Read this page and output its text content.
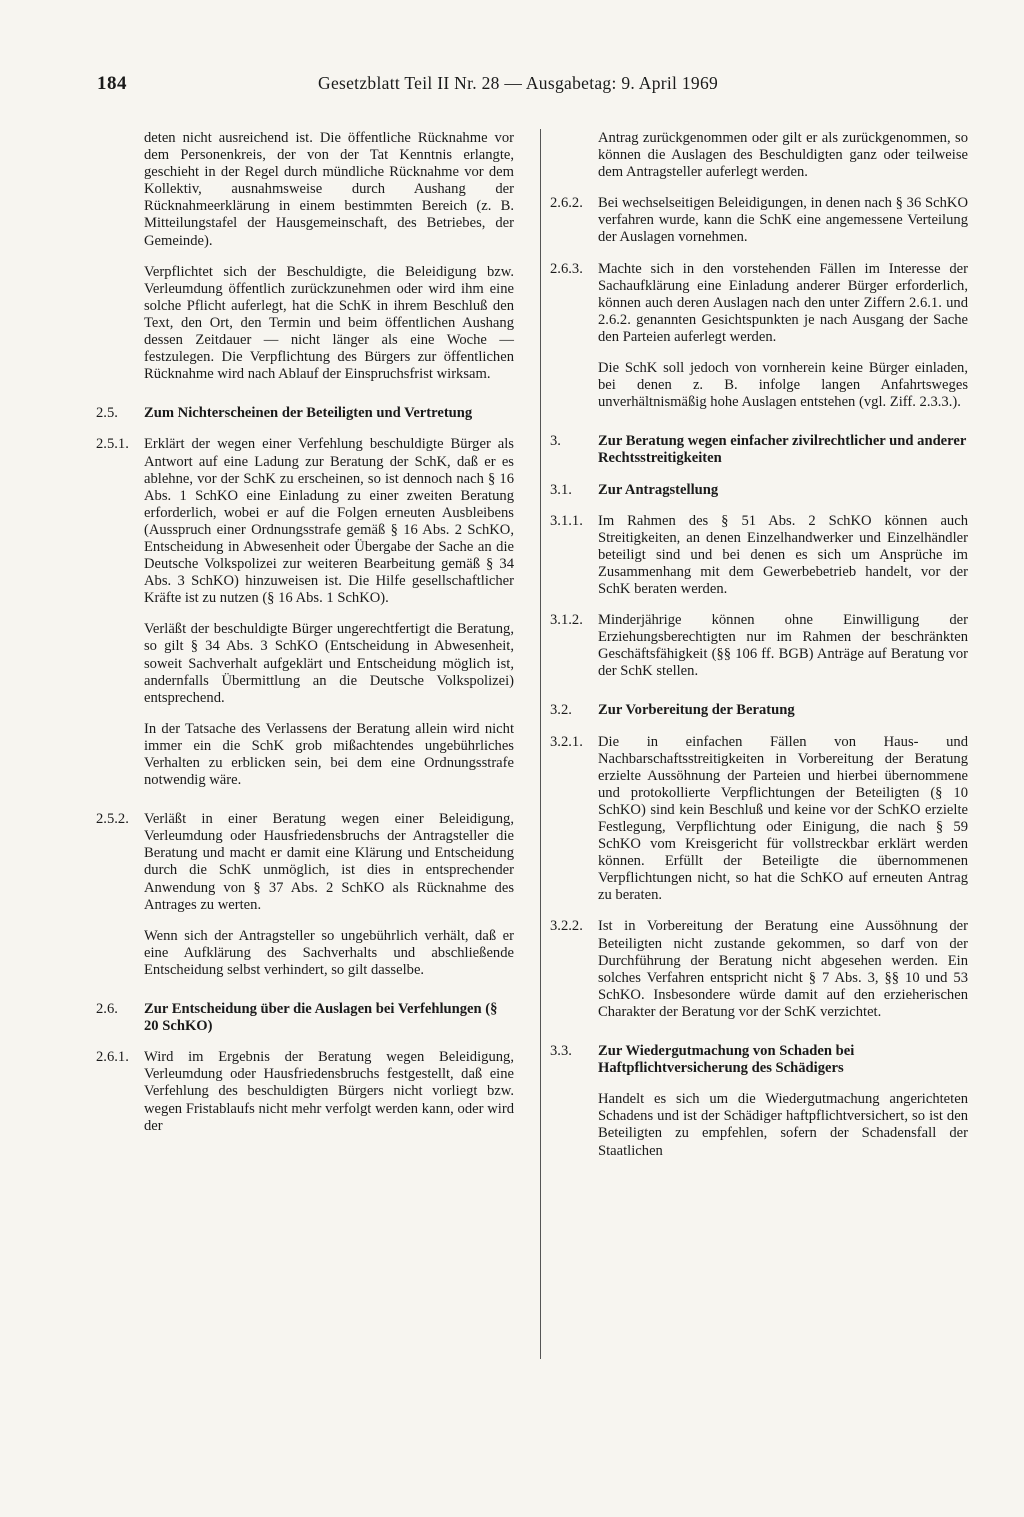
184	Gesetzblatt Teil II Nr. 28 — Ausgabetag: 9. April 1969

deten nicht ausreichend ist. Die öffentliche Rücknahme vor dem Personenkreis, der von der Tat Kenntnis erlangte, geschieht in der Regel durch mündliche Rücknahme vor dem Kollektiv, ausnahmsweise durch Aushang der Rücknahmeerklärung in einem bestimmten Bereich (z. B. Mitteilungstafel der Hausgemeinschaft, des Betriebes, der Gemeinde).

Verpflichtet sich der Beschuldigte, die Beleidigung bzw. Verleumdung öffentlich zurückzunehmen oder wird ihm eine solche Pflicht auferlegt, hat die SchK in ihrem Beschluß den Text, den Ort, den Termin und beim öffentlichen Aushang dessen Zeitdauer — nicht länger als eine Woche — festzulegen. Die Verpflichtung des Bürgers zur öffentlichen Rücknahme wird nach Ablauf der Einspruchsfrist wirksam.

2.5. Zum Nichterscheinen der Beteiligten und Vertretung

2.5.1. Erklärt der wegen einer Verfehlung beschuldigte Bürger als Antwort auf eine Ladung zur Beratung der SchK, daß er es ablehne, vor der SchK zu erscheinen, so ist dennoch nach § 16 Abs. 1 SchKO eine Einladung zu einer zweiten Beratung erforderlich, wobei er auf die Folgen erneuten Ausbleibens (Ausspruch einer Ordnungsstrafe gemäß § 16 Abs. 2 SchKO, Entscheidung in Abwesenheit oder Übergabe der Sache an die Deutsche Volkspolizei zur weiteren Bearbeitung gemäß § 34 Abs. 3 SchKO) hinzuweisen ist. Die Hilfe gesellschaftlicher Kräfte ist zu nutzen (§ 16 Abs. 1 SchKO).

Verläßt der beschuldigte Bürger ungerechtfertigt die Beratung, so gilt § 34 Abs. 3 SchKO (Entscheidung in Abwesenheit, soweit Sachverhalt aufgeklärt und Entscheidung möglich ist, andernfalls Übermittlung an die Deutsche Volkspolizei) entsprechend.

In der Tatsache des Verlassens der Beratung allein wird nicht immer ein die SchK grob mißachtendes ungebührliches Verhalten zu erblicken sein, bei dem eine Ordnungsstrafe notwendig wäre.

2.5.2. Verläßt in einer Beratung wegen einer Beleidigung, Verleumdung oder Hausfriedensbruchs der Antragsteller die Beratung und macht er damit eine Klärung und Entscheidung durch die SchK unmöglich, ist dies in entsprechender Anwendung von § 37 Abs. 2 SchKO als Rücknahme des Antrages zu werten.

Wenn sich der Antragsteller so ungebührlich verhält, daß er eine Aufklärung des Sachverhalts und abschließende Entscheidung selbst verhindert, so gilt dasselbe.

2.6. Zur Entscheidung über die Auslagen bei Verfehlungen (§ 20 SchKO)

2.6.1. Wird im Ergebnis der Beratung wegen Beleidigung, Verleumdung oder Hausfriedensbruchs festgestellt, daß eine Verfehlung des beschuldigten Bürgers nicht vorliegt bzw. wegen Fristablaufs nicht mehr verfolgt werden kann, oder wird der

Antrag zurückgenommen oder gilt er als zurückgenommen, so können die Auslagen des Beschuldigten ganz oder teilweise dem Antragsteller auferlegt werden.

2.6.2. Bei wechselseitigen Beleidigungen, in denen nach § 36 SchKO verfahren wurde, kann die SchK eine angemessene Verteilung der Auslagen vornehmen.

2.6.3. Machte sich in den vorstehenden Fällen im Interesse der Sachaufklärung eine Einladung anderer Bürger erforderlich, können auch deren Auslagen nach den unter Ziffern 2.6.1. und 2.6.2. genannten Gesichtspunkten je nach Ausgang der Sache den Parteien auferlegt werden.

Die SchK soll jedoch von vornherein keine Bürger einladen, bei denen z. B. infolge langen Anfahrtsweges unverhältnismäßig hohe Auslagen entstehen (vgl. Ziff. 2.3.3.).

3.	Zur Beratung wegen einfacher zivilrechtlicher und anderer Rechtsstreitigkeiten

3.1. Zur Antragstellung

3.1.1. Im Rahmen des § 51 Abs. 2 SchKO können auch Streitigkeiten, an denen Einzelhandwerker und Einzelhändler beteiligt sind und bei denen es sich um Ansprüche im Zusammenhang mit dem Gewerbebetrieb handelt, vor der SchK beraten werden.

3.1.2. Minderjährige können ohne Einwilligung der Erziehungsberechtigten nur im Rahmen der beschränkten Geschäftsfähigkeit (§§ 106 ff. BGB) Anträge auf Beratung vor der SchK stellen.

3.2. Zur Vorbereitung der Beratung

3.2.1. Die in einfachen Fällen von Haus- und Nachbarschaftsstreitigkeiten in Vorbereitung der Beratung erzielte Aussöhnung der Parteien und hierbei übernommene und protokollierte Verpflichtungen der Beteiligten (§ 10 SchKO) sind kein Beschluß und keine vor der SchKO erzielte Festlegung, Verpflichtung oder Einigung, die nach § 59 SchKO vom Kreisgericht für vollstreckbar erklärt werden können. Erfüllt der Beteiligte die übernommenen Verpflichtungen nicht, so hat die SchKO auf erneuten Antrag zu beraten.

3.2.2. Ist in Vorbereitung der Beratung eine Aussöhnung der Beteiligten nicht zustande gekommen, so darf von der Durchführung der Beratung nicht abgesehen werden. Ein solches Verfahren entspricht nicht § 7 Abs. 3, §§ 10 und 53 SchKO. Insbesondere würde damit auf den erzieherischen Charakter der Beratung vor der SchK verzichtet.

3.3. Zur Wiedergutmachung von Schaden bei Haftpflichtversicherung des Schädigers

Handelt es sich um die Wiedergutmachung angerichteten Schadens und ist der Schädiger haftpflichtversichert, so ist den Beteiligten zu empfehlen, sofern der Schadensfall der Staatlichen
